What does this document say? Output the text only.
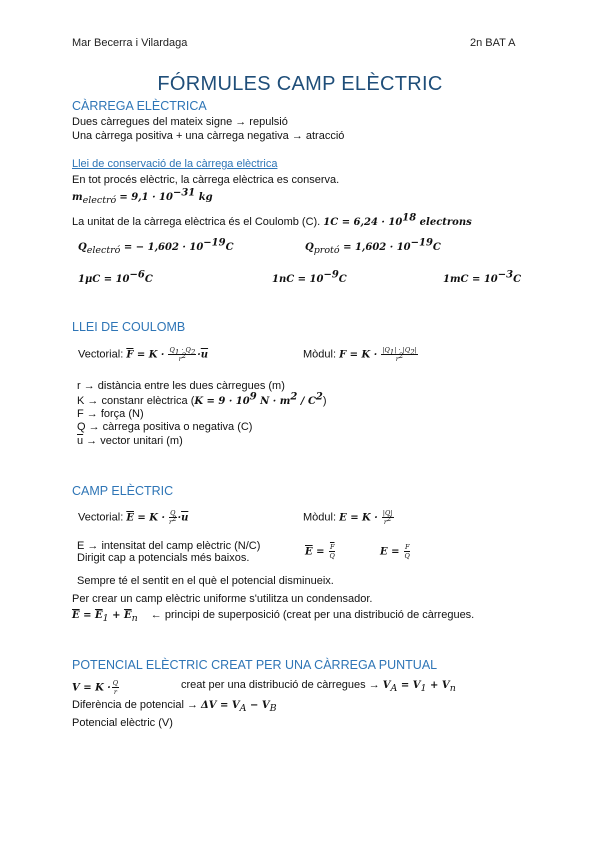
Mar Becerra i Vilardaga	2n BAT A
FÓRMULES CAMP ELÈCTRIC
CÀRREGA ELÈCTRICA
Dues càrregues del mateix signe → repulsió
Una càrrega positiva + una càrrega negativa → atracció
Llei de conservació de la càrrega elèctrica
En tot procés elèctric, la càrrega elèctrica es conserva.
$m_{electró} = 9,1 \cdot 10^{-31}$ kg
La unitat de la càrrega elèctrica és el Coulomb (C). $1C = 6,24 \cdot 10^{18}$ electrons
$Q_{electró}$ = − $1,602 \cdot 10^{-19}C$	$Q_{protó} = 1,602 \cdot 10^{-19}C$
$1\mu C = 10^{-6}C$	$1nC = 10^{-9}C$	$1mC = 10^{-3}C$
LLEI DE COULOMB
Vectorial: $\overline{F} = K \cdot \frac{Q_1 \cdot Q_2}{r^2} \cdot\overline{u}$	Mòdul: $F = K \cdot \frac{|Q_1| \cdot |Q_2|}{r^2}$
r → distància entre les dues càrregues (m)
K → constanr elèctrica ($K = 9 \cdot 10^9$ $N \cdot m^2 / C^2$)
F → força (N)
Q → càrrega positiva o negativa (C)
$\overline{u}$ → vector unitari (m)
CAMP ELÈCTRIC
Vectorial: $\overline{E} = K \cdot \frac{Q}{r^2} \cdot\overline{u}$	Mòdul: $E = K \cdot \frac{|Q|}{r^2}$
E → intensitat del camp elèctric (N/C)
Dirigit cap a potencials més baixos.
$\overline{E} = \frac{\overline{F}}{Q}$	$E = \frac{F}{Q}$
Sempre té el sentit en el què el potencial disminueix.
Per crear un camp elèctric uniforme s'utilitza un condensador.
$\overline{E} = \overline{E}_1 + \overline{E}_n$ ← principi de superposició (creat per una distribució de càrregues.
POTENCIAL ELÈCTRIC CREAT PER UNA CÀRREGA PUNTUAL
$V = K \cdot \frac{Q}{r}$	creat per una distribució de càrregues → $V_A = V_1 + V_n$
Diferència de potencial → $\Delta V = V_A - V_B$
Potencial elèctric (V)
